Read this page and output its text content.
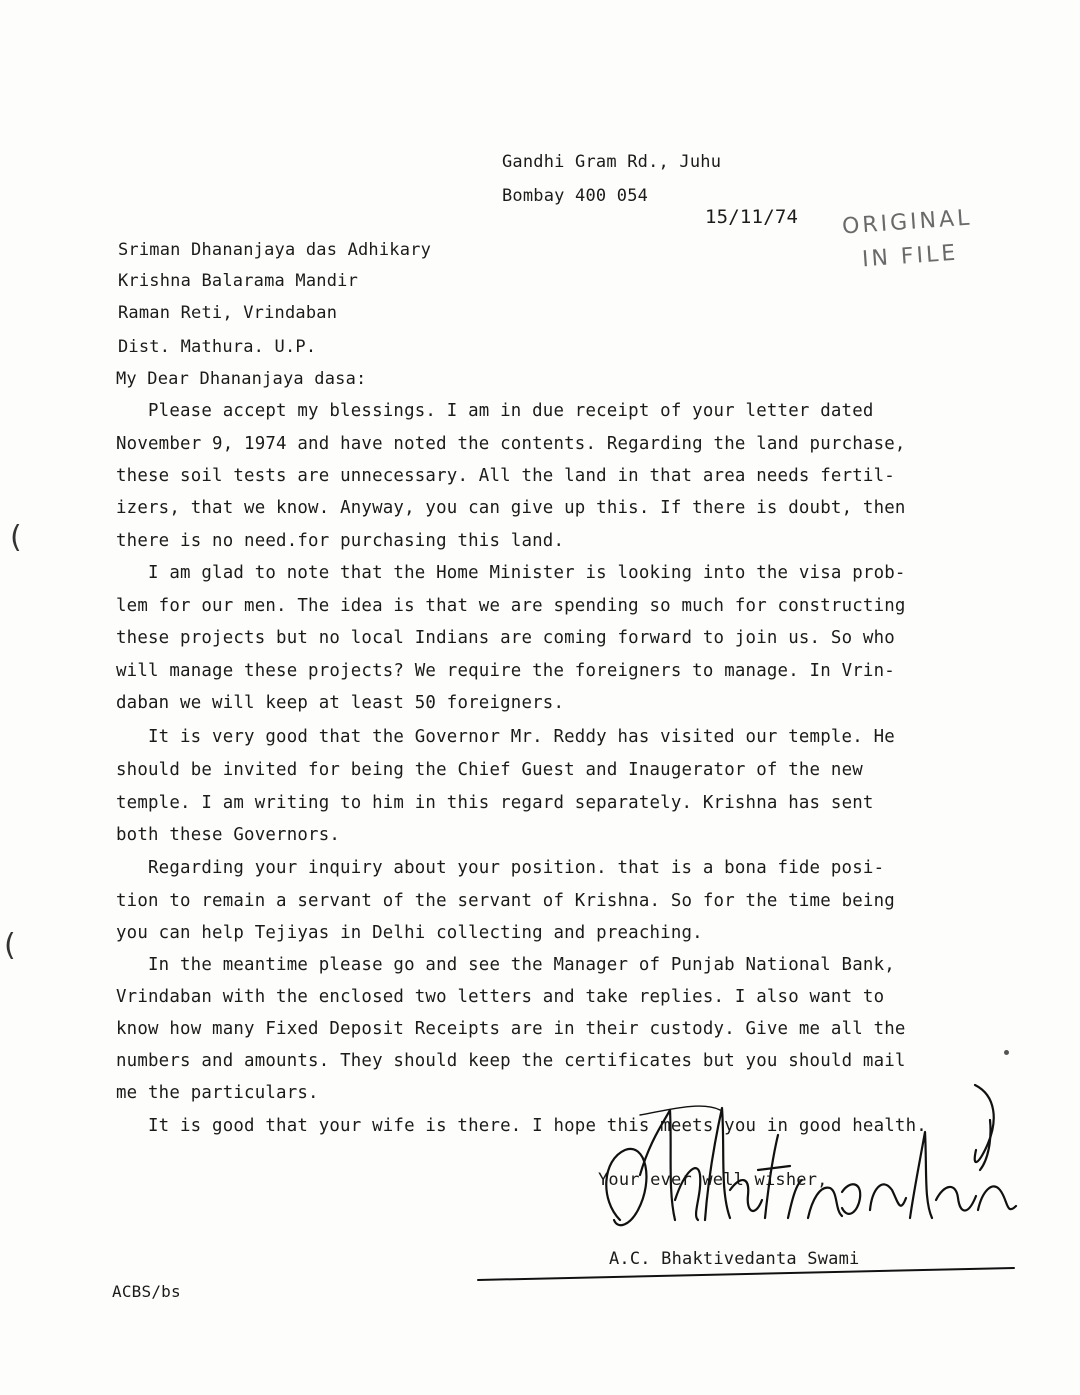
Gandhi Gram Rd., Juhu
Bombay 400 054
15/11/74 ORIGINAL
IN FILE
Sriman Dhananjaya das Adhikary
Krishna Balarama Mandir
Raman Reti, Vrindaban
Dist. Mathura. U.P.
My Dear Dhananjaya dasa:
Please accept my blessings. I am in due receipt of your letter dated
November 9, 1974 and have noted the contents. Regarding the land purchase,
these soil tests are unnecessary. All the land in that area needs fertil-
izers, that we know. Anyway, you can give up this. If there is doubt, then
there is no need.for purchasing this land.
I am glad to note that the Home Minister is looking into the visa prob-
lem for our men. The idea is that we are spending so much for constructing
these projects but no local Indians are coming forward to join us. So who
will manage these projects? We require the foreigners to manage. In Vrin-
daban we will keep at least 50 foreigners.
It is very good that the Governor Mr. Reddy has visited our temple. He
should be invited for being the Chief Guest and Inaugerator of the new
temple. I am writing to him in this regard separately. Krishna has sent
both these Governors.
Regarding your inquiry about your position. that is a bona fide posi-
tion to remain a servant of the servant of Krishna. So for the time being
you can help Tejiyas in Delhi collecting and preaching.
In the meantime please go and see the Manager of Punjab National Bank,
Vrindaban with the enclosed two letters and take replies. I also want to
know how many Fixed Deposit Receipts are in their custody. Give me all the
numbers and amounts. They should keep the certificates but you should mail
me the particulars.
It is good that your wife is there. I hope this meets you in good health.
(
(
Your ever well wisher,
A.C. Bhaktivedanta Swami
ACBS/bs
